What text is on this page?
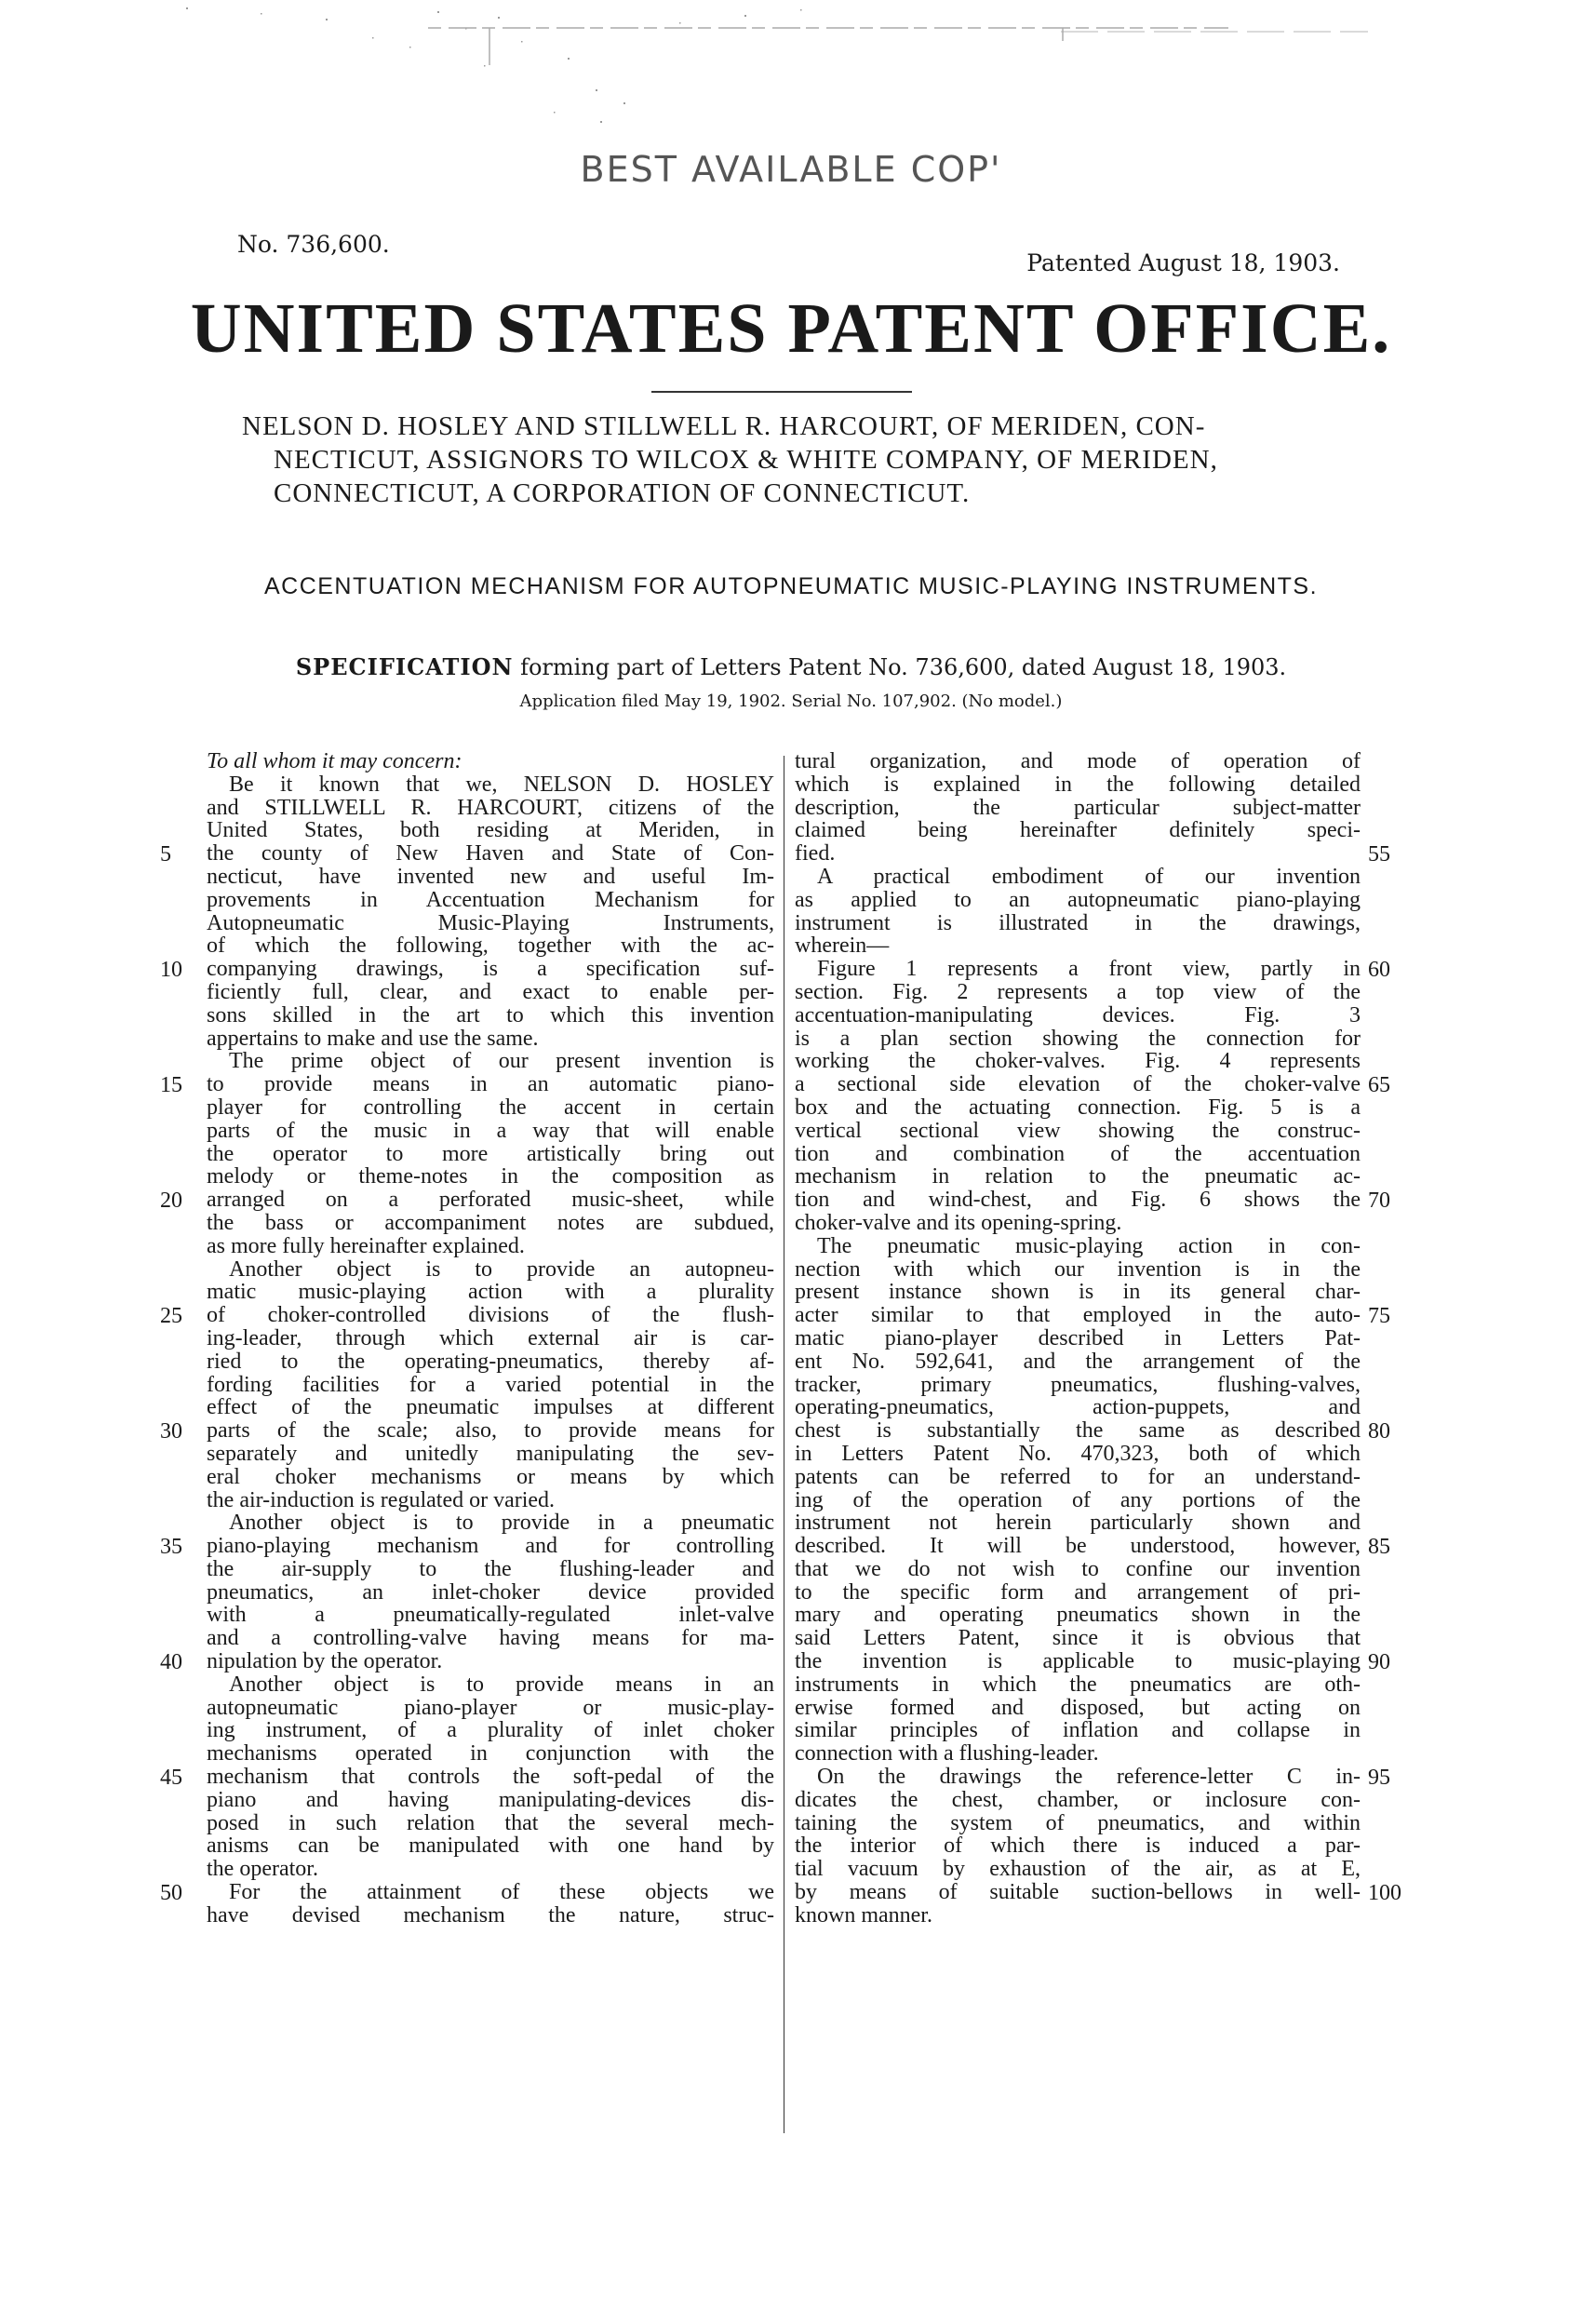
BEST AVAILABLE COP'
No. 736,600.
Patented August 18, 1903.
UNITED STATES PATENT OFFICE.
NELSON D. HOSLEY AND STILLWELL R. HARCOURT, OF MERIDEN, CON-
NECTICUT, ASSIGNORS TO WILCOX & WHITE COMPANY, OF MERIDEN,
CONNECTICUT, A CORPORATION OF CONNECTICUT.
ACCENTUATION MECHANISM FOR AUTOPNEUMATIC MUSIC-PLAYING INSTRUMENTS.
SPECIFICATION forming part of Letters Patent No. 736,600, dated August 18, 1903.
Application filed May 19, 1902. Serial No. 107,902. (No model.)
To all whom it may concern:
Be it known that we, NELSON D. HOSLEY
and STILLWELL R. HARCOURT, citizens of the
United States, both residing at Meriden, in
the county of New Haven and State of Con-
necticut, have invented new and useful Im-
provements in Accentuation Mechanism for
Autopneumatic Music-Playing Instruments,
of which the following, together with the ac-
companying drawings, is a specification suf-
ficiently full, clear, and exact to enable per-
sons skilled in the art to which this invention
appertains to make and use the same.
The prime object of our present invention is
to provide means in an automatic piano-
player for controlling the accent in certain
parts of the music in a way that will enable
the operator to more artistically bring out
melody or theme-notes in the composition as
arranged on a perforated music-sheet, while
the bass or accompaniment notes are subdued,
as more fully hereinafter explained.
Another object is to provide an autopneu-
matic music-playing action with a plurality
of choker-controlled divisions of the flush-
ing-leader, through which external air is car-
ried to the operating-pneumatics, thereby af-
fording facilities for a varied potential in the
effect of the pneumatic impulses at different
parts of the scale; also, to provide means for
separately and unitedly manipulating the sev-
eral choker mechanisms or means by which
the air-induction is regulated or varied.
Another object is to provide in a pneumatic
piano-playing mechanism and for controlling
the air-supply to the flushing-leader and
pneumatics, an inlet-choker device provided
with a pneumatically-regulated inlet-valve
and a controlling-valve having means for ma-
nipulation by the operator.
Another object is to provide means in an
autopneumatic piano-player or music-play-
ing instrument, of a plurality of inlet choker
mechanisms operated in conjunction with the
mechanism that controls the soft-pedal of the
piano and having manipulating-devices dis-
posed in such relation that the several mech-
anisms can be manipulated with one hand by
the operator.
For the attainment of these objects we
have devised mechanism the nature, struc-
tural organization, and mode of operation of
which is explained in the following detailed
description, the particular subject-matter
claimed being hereinafter definitely speci-
fied.
A practical embodiment of our invention
as applied to an autopneumatic piano-playing
instrument is illustrated in the drawings,
wherein—
Figure 1 represents a front view, partly in
section. Fig. 2 represents a top view of the
accentuation-manipulating devices. Fig. 3
is a plan section showing the connection for
working the choker-valves. Fig. 4 represents
a sectional side elevation of the choker-valve
box and the actuating connection. Fig. 5 is a
vertical sectional view showing the construc-
tion and combination of the accentuation
mechanism in relation to the pneumatic ac-
tion and wind-chest, and Fig. 6 shows the
choker-valve and its opening-spring.
The pneumatic music-playing action in con-
nection with which our invention is in the
present instance shown is in its general char-
acter similar to that employed in the auto-
matic piano-player described in Letters Pat-
ent No. 592,641, and the arrangement of the
tracker, primary pneumatics, flushing-valves,
operating-pneumatics, action-puppets, and
chest is substantially the same as described
in Letters Patent No. 470,323, both of which
patents can be referred to for an understand-
ing of the operation of any portions of the
instrument not herein particularly shown and
described. It will be understood, however,
that we do not wish to confine our invention
to the specific form and arrangement of pri-
mary and operating pneumatics shown in the
said Letters Patent, since it is obvious that
the invention is applicable to music-playing
instruments in which the pneumatics are oth-
erwise formed and disposed, but acting on
similar principles of inflation and collapse in
connection with a flushing-leader.
On the drawings the reference-letter C in-
dicates the chest, chamber, or inclosure con-
taining the system of pneumatics, and within
the interior of which there is induced a par-
tial vacuum by exhaustion of the air, as at E,
by means of suitable suction-bellows in well-
known manner.
5
10
15
20
25
30
35
40
45
50
55
60
65
70
75
80
85
90
95
100
